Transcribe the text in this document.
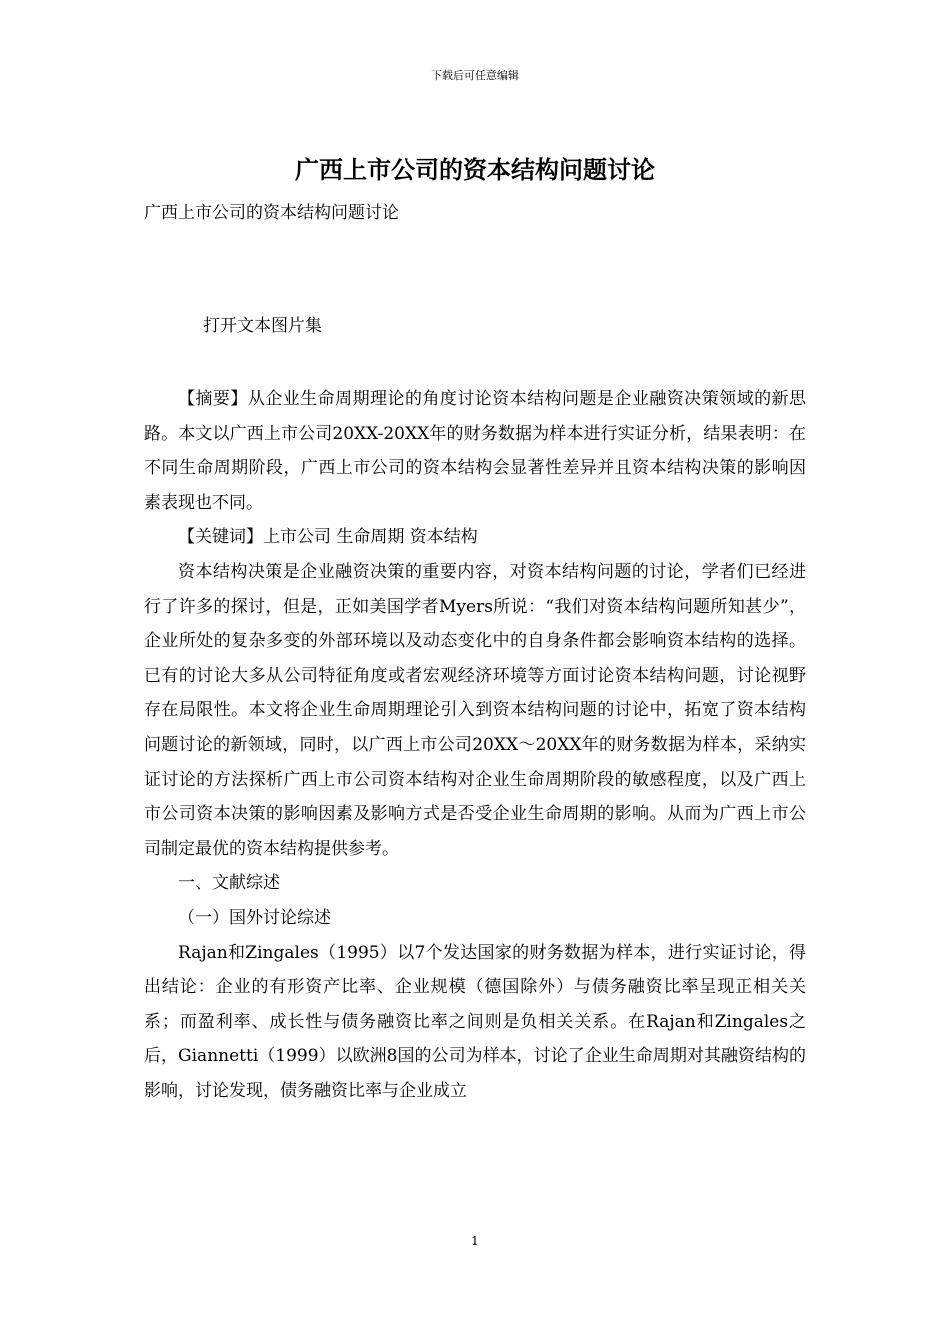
下载后可任意编辑
广西上市公司的资本结构问题讨论
广西上市公司的资本结构问题讨论
打开文本图片集

【摘要】从企业生命周期理论的角度讨论资本结构问题是企业融资决策领域的新思路。本文以广西上市公司20XX-20XX年的财务数据为样本进行实证分析，结果表明：在不同生命周期阶段，广西上市公司的资本结构会显著性差异并且资本结构决策的影响因素表现也不同。

【关键词】上市公司 生命周期 资本结构

资本结构决策是企业融资决策的重要内容，对资本结构问题的讨论，学者们已经进行了许多的探讨，但是，正如美国学者Myers所说：“我们对资本结构问题所知甚少”，企业所处的复杂多变的外部环境以及动态变化中的自身条件都会影响资本结构的选择。已有的讨论大多从公司特征角度或者宏观经济环境等方面讨论资本结构问题，讨论视野存在局限性。本文将企业生命周期理论引入到资本结构问题的讨论中，拓宽了资本结构问题讨论的新领域，同时，以广西上市公司20XX～20XX年的财务数据为样本，采纳实证讨论的方法探析广西上市公司资本结构对企业生命周期阶段的敏感程度，以及广西上市公司资本决策的影响因素及影响方式是否受企业生命周期的影响。从而为广西上市公司制定最优的资本结构提供参考。

一、文献综述

（一）国外讨论综述

Rajan和Zingales（1995）以7个发达国家的财务数据为样本，进行实证讨论，得出结论：企业的有形资产比率、企业规模（德国除外）与债务融资比率呈现正相关关系；而盈利率、成长性与债务融资比率之间则是负相关关系。在Rajan和Zingales之后，Giannetti（1999）以欧洲8国的公司为样本，讨论了企业生命周期对其融资结构的影响，讨论发现，债务融资比率与企业成立

1
